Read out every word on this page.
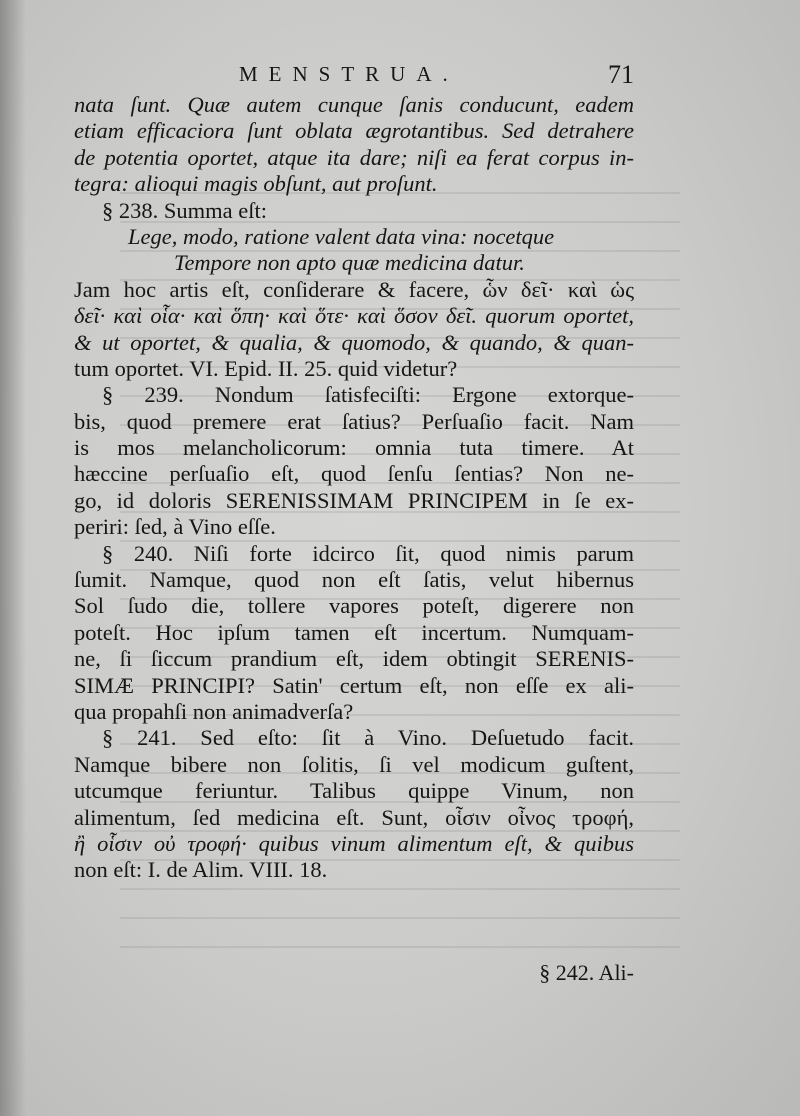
MENSTRUA.	71
nata ſunt. Quæ autem cunque ſanis conducunt, eadem
etiam efficaciora ſunt oblata ægrotantibus. Sed detrahere
de potentia oportet, atque ita dare; niſi ea ferat corpus in-
tegra: alioqui magis obſunt, aut proſunt.
§ 238. Summa eſt:
Lege, modo, ratione valent data vina: nocetque
Tempore non apto quæ medicina datur.
Jam hoc artis eſt, conſiderare & facere, ὧν δεῖ· καὶ ὡς
δεῖ· καὶ οἷα· καὶ ὅπη· καὶ ὅτε· καὶ ὅσον δεῖ. quorum oportet,
& ut oportet, & qualia, & quomodo, & quando, & quan-
tum oportet. VI. Epid. II. 25. quid videtur?
§ 239. Nondum ſatisfeciſti: Ergone extorque-
bis, quod premere erat ſatius? Perſuaſio facit. Nam
is mos melancholicorum: omnia tuta timere. At
hæccine perſuaſio eſt, quod ſenſu ſentias? Non ne-
go, id doloris SERENISSIMAM PRINCIPEM in ſe ex-
periri: ſed, à Vino eſſe.
§ 240. Niſi forte idcirco ſit, quod nimis parum
ſumit. Namque, quod non eſt ſatis, velut hibernus
Sol ſudo die, tollere vapores poteſt, digerere non
poteſt. Hoc ipſum tamen eſt incertum. Numquam-
ne, ſi ſiccum prandium eſt, idem obtingit SERENIS-
SIMÆ PRINCIPI? Satin' certum eſt, non eſſe ex ali-
qua propahſi non animadverſa?
§ 241. Sed eſto: ſit à Vino. Deſuetudo facit.
Namque bibere non ſolitis, ſi vel modicum guſtent,
utcumque feriuntur. Talibus quippe Vinum, non
alimentum, ſed medicina eſt. Sunt, οἷσιν οἶνος τροφή,
ἢ οἷσιν οὐ τροφή· quibus vinum alimentum eſt, & quibus
non eſt: I. de Alim. VIII. 18.
§ 242. Ali-
